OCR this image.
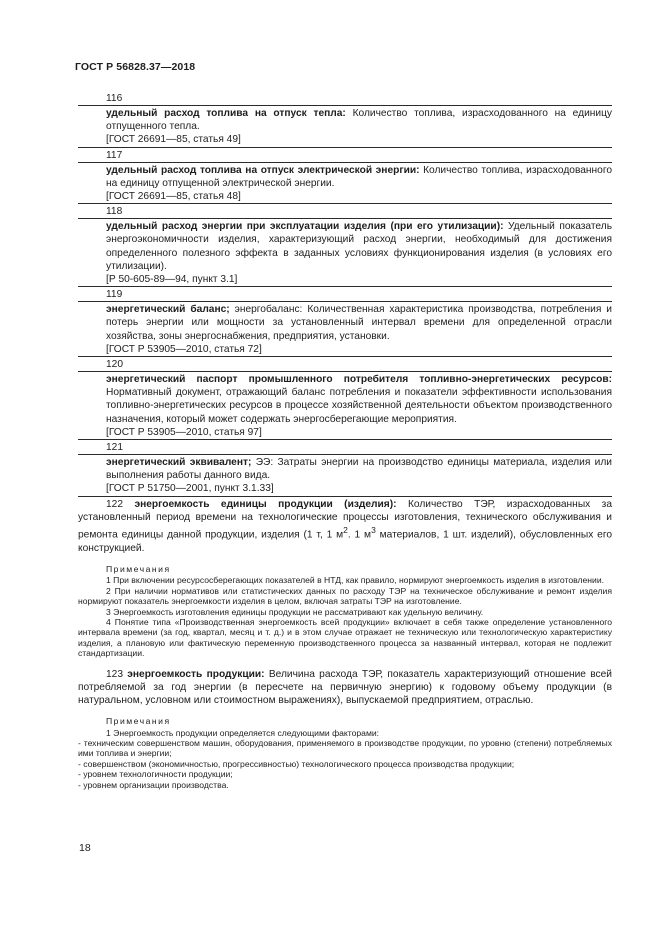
ГОСТ Р 56828.37—2018
116
удельный расход топлива на отпуск тепла: Количество топлива, израсходованного на единицу отпущенного тепла.
[ГОСТ 26691—85, статья 49]
117
удельный расход топлива на отпуск электрической энергии: Количество топлива, израсходованного на единицу отпущенной электрической энергии.
[ГОСТ 26691—85, статья 48]
118
удельный расход энергии при эксплуатации изделия (при его утилизации): Удельный показатель энергоэкономичности изделия, характеризующий расход энергии, необходимый для достижения определенного полезного эффекта в заданных условиях функционирования изделия (в условиях его утилизации).
[Р 50-605-89—94, пункт 3.1]
119
энергетический баланс; энергобаланс: Количественная характеристика производства, потребления и потерь энергии или мощности за установленный интервал времени для определенной отрасли хозяйства, зоны энергоснабжения, предприятия, установки.
[ГОСТ Р 53905—2010, статья 72]
120
энергетический паспорт промышленного потребителя топливно-энергетических ресурсов: Нормативный документ, отражающий баланс потребления и показатели эффективности использования топливно-энергетических ресурсов в процессе хозяйственной деятельности объектом производственного назначения, который может содержать энергосберегающие мероприятия.
[ГОСТ Р 53905—2010, статья 97]
121
энергетический эквивалент; ЭЭ: Затраты энергии на производство единицы материала, изделия или выполнения работы данного вида.
[ГОСТ Р 51750—2001, пункт 3.1.33]
122 энергоемкость единицы продукции (изделия): Количество ТЭР, израсходованных за установленный период времени на технологические процессы изготовления, технического обслуживания и ремонта единицы данной продукции, изделия (1 т, 1 $м^2$. 1 $м^3$ материалов, 1 шт. изделий), обусловленных его конструкцией.

Примечания

1 При включении ресурсосберегающих показателей в НТД, как правило, нормируют энергоемкость изделия в изготовлении.

2 При наличии нормативов или статистических данных по расходу ТЭР на техническое обслуживание и ремонт изделия нормируют показатель энергоемкости изделия в целом, включая затраты ТЭР на изготовление.

3 Энергоемкость изготовления единицы продукции не рассматривают как удельную величину.

4 Понятие типа «Производственная энергоемкость всей продукции» включает в себя также определение установленного интервала времени (за год, квартал, месяц и т. д.) и в этом случае отражает не техническую или технологическую характеристику изделия, а плановую или фактическую переменную производственного процесса за названный интервал, которая не подлежит стандартизации.

123 энергоемкость продукции: Величина расхода ТЭР, показатель характеризующий отношение всей потребляемой за год энергии (в пересчете на первичную энергию) к годовому объему продукции (в натуральном, условном или стоимостном выражениях), выпускаемой предприятием, отраслью.

Примечания

1 Энергоемкость продукции определяется следующими факторами:

- техническим совершенством машин, оборудования, применяемого в производстве продукции, по уровню (степени) потребляемых ими топлива и энергии;

- совершенством (экономичностью, прогрессивностью) технологического процесса производства продукции;

- уровнем технологичности продукции;

- уровнем организации производства.

18
